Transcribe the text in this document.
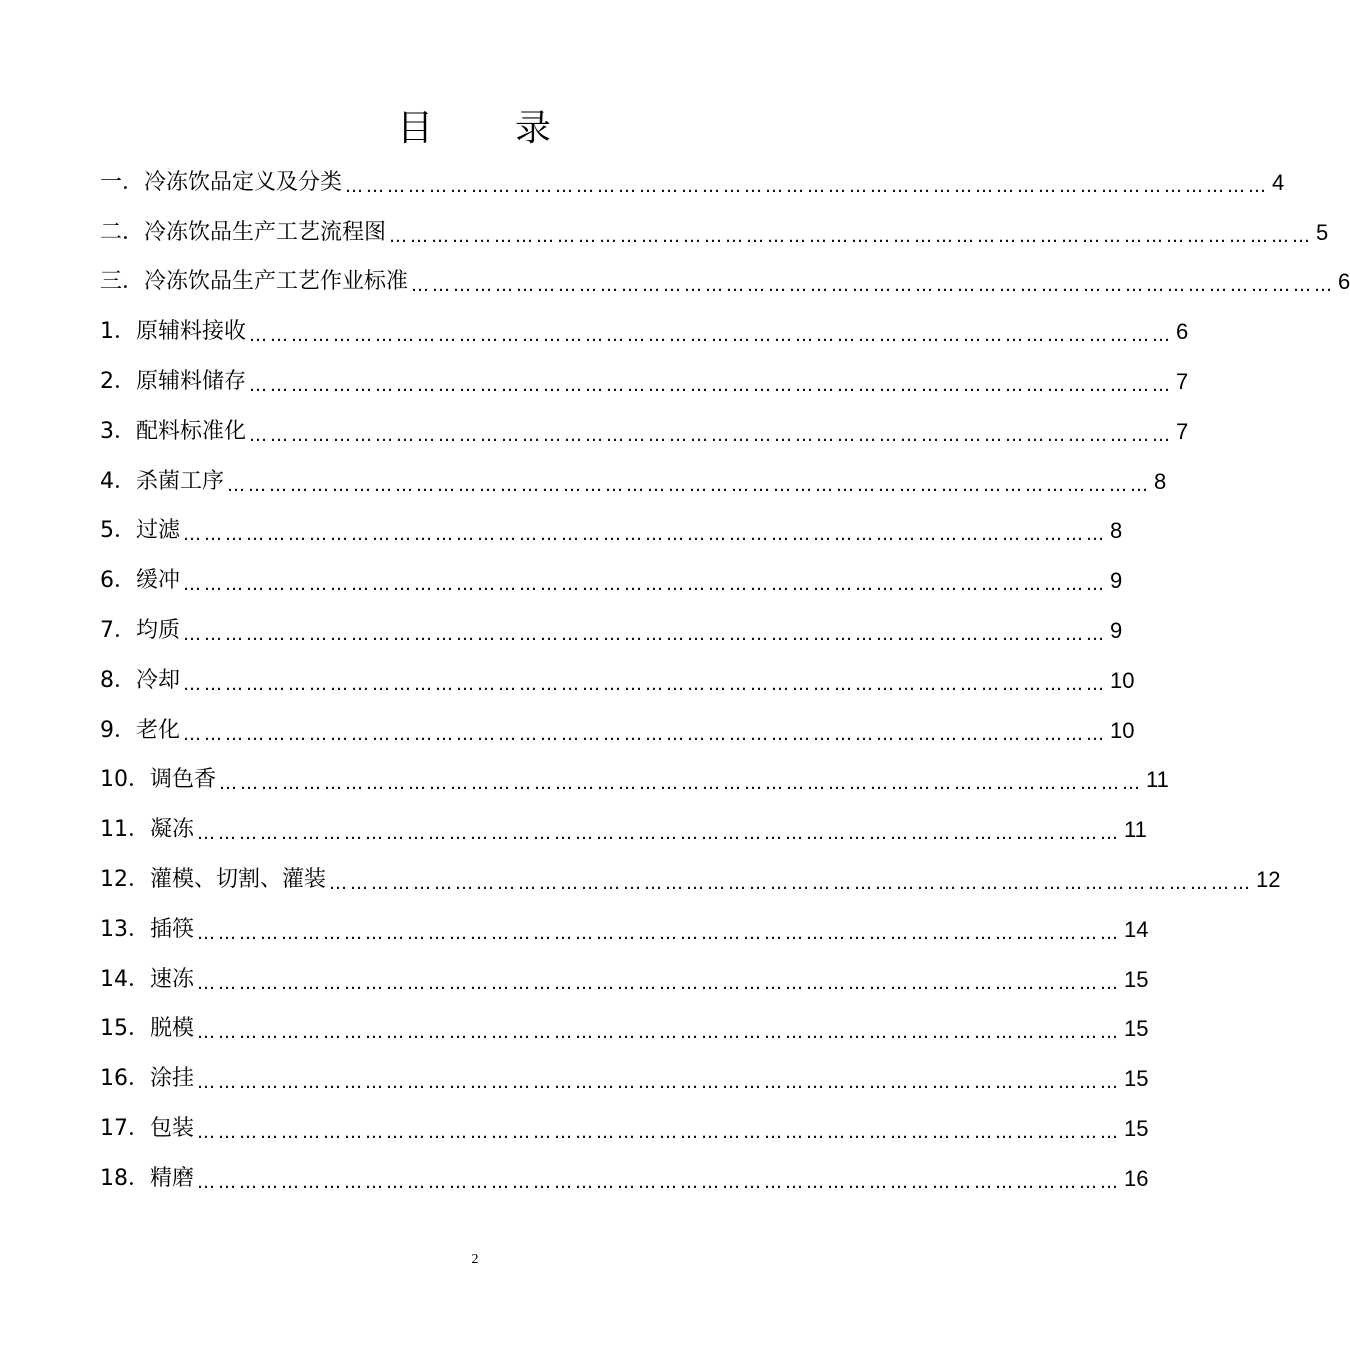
目 录
一． 冷冻饮品定义及分类 …………………………………………………………………………………………………………………… 4
二． 冷冻饮品生产工艺流程图 …………………………………………………………………………………………………………………… 5
三． 冷冻饮品生产工艺作业标准 …………………………………………………………………………………………………………………… 6
1． 原辅料接收 …………………………………………………………………………………………………………………… 6
2． 原辅料储存 …………………………………………………………………………………………………………………… 7
3． 配料标准化 …………………………………………………………………………………………………………………… 7
4． 杀菌工序 …………………………………………………………………………………………………………………… 8
5． 过滤 …………………………………………………………………………………………………………………… 8
6． 缓冲 …………………………………………………………………………………………………………………… 9
7． 均质 …………………………………………………………………………………………………………………… 9
8． 冷却 …………………………………………………………………………………………………………………… 10
9． 老化 …………………………………………………………………………………………………………………… 10
10． 调色香 …………………………………………………………………………………………………………………… 11
11． 凝冻 …………………………………………………………………………………………………………………… 11
12． 灌模、切割、灌装 …………………………………………………………………………………………………………………… 12
13． 插筷 …………………………………………………………………………………………………………………… 14
14． 速冻 …………………………………………………………………………………………………………………… 15
15． 脱模 …………………………………………………………………………………………………………………… 15
16． 涂挂 …………………………………………………………………………………………………………………… 15
17． 包装 …………………………………………………………………………………………………………………… 15
18． 精磨 …………………………………………………………………………………………………………………… 16
2
